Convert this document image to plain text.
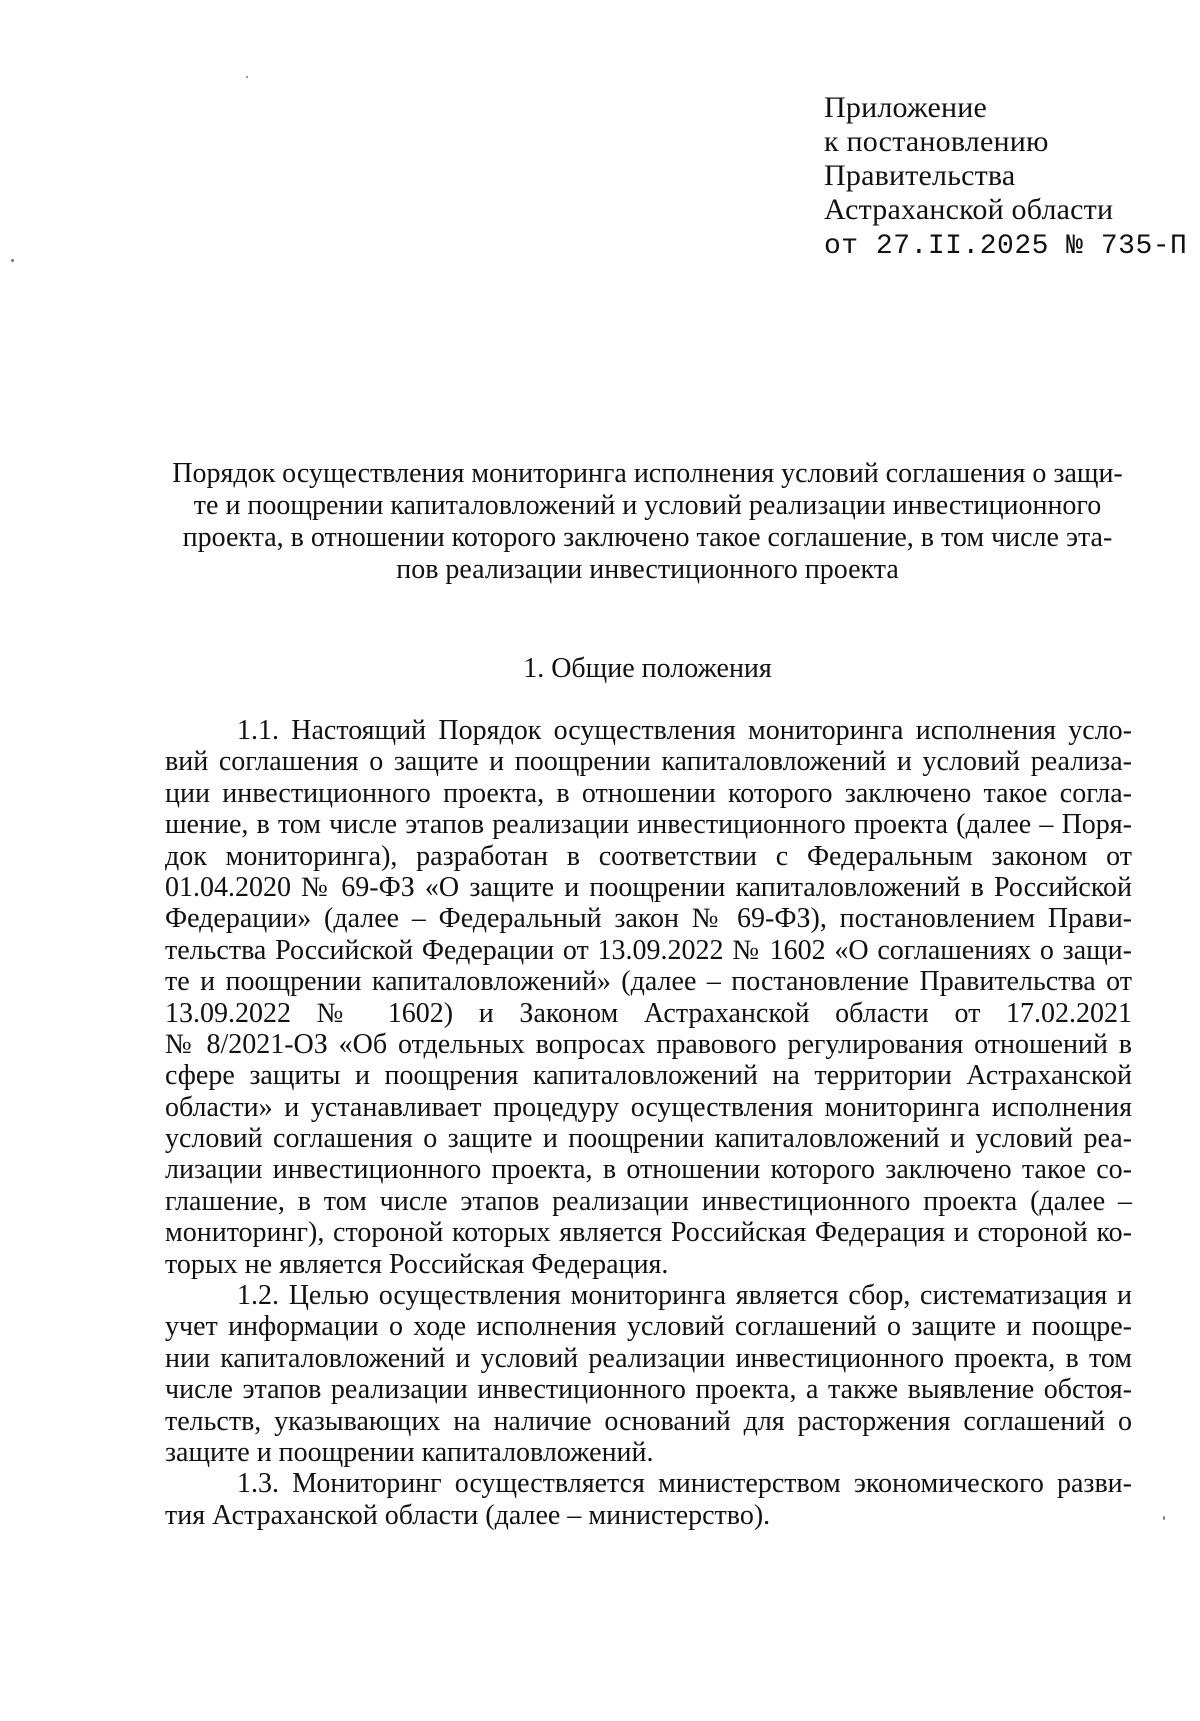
Приложение
к постановлению
Правительства
Астраханской области
от 27.II.2025 № 735-П
Порядок осуществления мониторинга исполнения условий соглашения о защи-
те и поощрении капиталовложений и условий реализации инвестиционного
проекта, в отношении которого заключено такое соглашение, в том числе эта-
пов реализации инвестиционного проекта
1. Общие положения
1.1. Настоящий Порядок осуществления мониторинга исполнения усло-
вий соглашения о защите и поощрении капиталовложений и условий реализа-
ции инвестиционного проекта, в отношении которого заключено такое согла-
шение, в том числе этапов реализации инвестиционного проекта (далее – Поря-
док мониторинга), разработан в соответствии с Федеральным законом от
01.04.2020 № 69-ФЗ «О защите и поощрении капиталовложений в Российской
Федерации» (далее – Федеральный закон № 69-ФЗ), постановлением Прави-
тельства Российской Федерации от 13.09.2022 № 1602 «О соглашениях о защи-
те и поощрении капиталовложений» (далее – постановление Правительства от
13.09.2022 № 1602) и Законом Астраханской области от 17.02.2021
№ 8/2021-ОЗ «Об отдельных вопросах правового регулирования отношений в
сфере защиты и поощрения капиталовложений на территории Астраханской
области» и устанавливает процедуру осуществления мониторинга исполнения
условий соглашения о защите и поощрении капиталовложений и условий реа-
лизации инвестиционного проекта, в отношении которого заключено такое со-
глашение, в том числе этапов реализации инвестиционного проекта (далее –
мониторинг), стороной которых является Российская Федерация и стороной ко-
торых не является Российская Федерация.
1.2. Целью осуществления мониторинга является сбор, систематизация и
учет информации о ходе исполнения условий соглашений о защите и поощре-
нии капиталовложений и условий реализации инвестиционного проекта, в том
числе этапов реализации инвестиционного проекта, а также выявление обстоя-
тельств, указывающих на наличие оснований для расторжения соглашений о
защите и поощрении капиталовложений.
1.3. Мониторинг осуществляется министерством экономического разви-
тия Астраханской области (далее – министерство).
